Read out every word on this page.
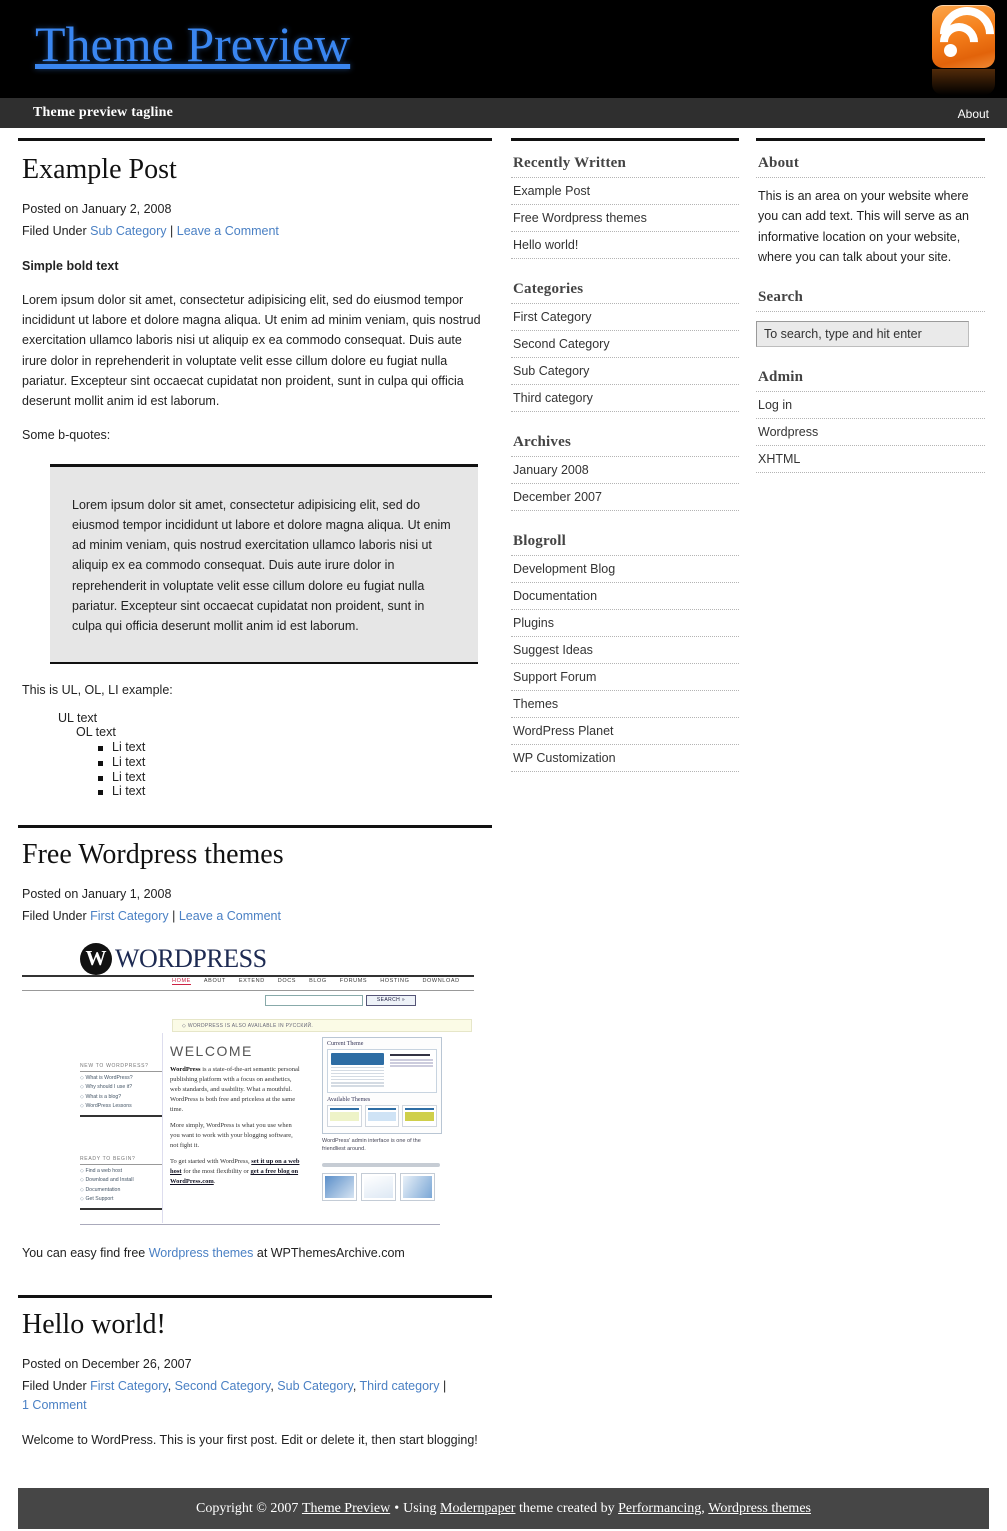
Theme Preview
Theme preview tagline	About
Example Post
Posted on January 2, 2008
Filed Under Sub Category | Leave a Comment

Simple bold text

Lorem ipsum dolor sit amet, consectetur adipisicing elit, sed do eiusmod tempor incididunt ut labore et dolore magna aliqua. Ut enim ad minim veniam, quis nostrud exercitation ullamco laboris nisi ut aliquip ex ea commodo consequat. Duis aute irure dolor in reprehenderit in voluptate velit esse cillum dolore eu fugiat nulla pariatur. Excepteur sint occaecat cupidatat non proident, sunt in culpa qui officia deserunt mollit anim id est laborum.

Some b-quotes:

Lorem ipsum dolor sit amet, consectetur adipisicing elit, sed do eiusmod tempor incididunt ut labore et dolore magna aliqua. Ut enim ad minim veniam, quis nostrud exercitation ullamco laboris nisi ut aliquip ex ea commodo consequat. Duis aute irure dolor in reprehenderit in voluptate velit esse cillum dolore eu fugiat nulla pariatur. Excepteur sint occaecat cupidatat non proident, sunt in culpa qui officia deserunt mollit anim id est laborum.

This is UL, OL, LI example:

UL text
OL text
Li text
Li text
Li text
Li text
Free Wordpress themes
Posted on January 1, 2008
Filed Under First Category | Leave a Comment
W
WORDPRESS
HOME ABOUT EXTEND DOCS BLOG FORUMS HOSTING DOWNLOAD
SEARCH »
◇ WORDPRESS IS ALSO AVAILABLE IN РУССКИЙ.
WELCOME

WordPress is a state-of-the-art semantic personal publishing platform with a focus on aesthetics, web standards, and usability. What a mouthful. WordPress is both free and priceless at the same time.

More simply, WordPress is what you use when you want to work with your blogging software, not fight it.

To get started with WordPress, set it up on a web host for the most flexibility or get a free blog on WordPress.com.

NEW TO WORDPRESS?
◇ What is WordPress?
◇ Why should I use it?
◇ What is a blog?
◇ WordPress Lessons
READY TO BEGIN?
◇ Find a web host
◇ Download and Install
◇ Documentation
◇ Get Support
Current Theme
Available Themes
WordPress' admin interface is one of the friendliest around.

You can easy find free Wordpress themes at WPThemesArchive.com

Hello world!
Posted on December 26, 2007
Filed Under First Category, Second Category, Sub Category, Third category | 1 Comment

Welcome to WordPress. This is your first post. Edit or delete it, then start blogging!

Recently Written
Example Post
Free Wordpress themes
Hello world!
Categories
First Category
Second Category
Sub Category
Third category
Archives
January 2008
December 2007
Blogroll
Development Blog
Documentation
Plugins
Suggest Ideas
Support Forum
Themes
WordPress Planet
WP Customization
About
This is an area on your website where you can add text. This will serve as an informative location on your website, where you can talk about your site.
Search
To search, type and hit enter
Admin
Log in
Wordpress
XHTML
Copyright © 2007
Theme Preview • Using
Modernpaper
theme created by
Performancing ,
Wordpress themes
